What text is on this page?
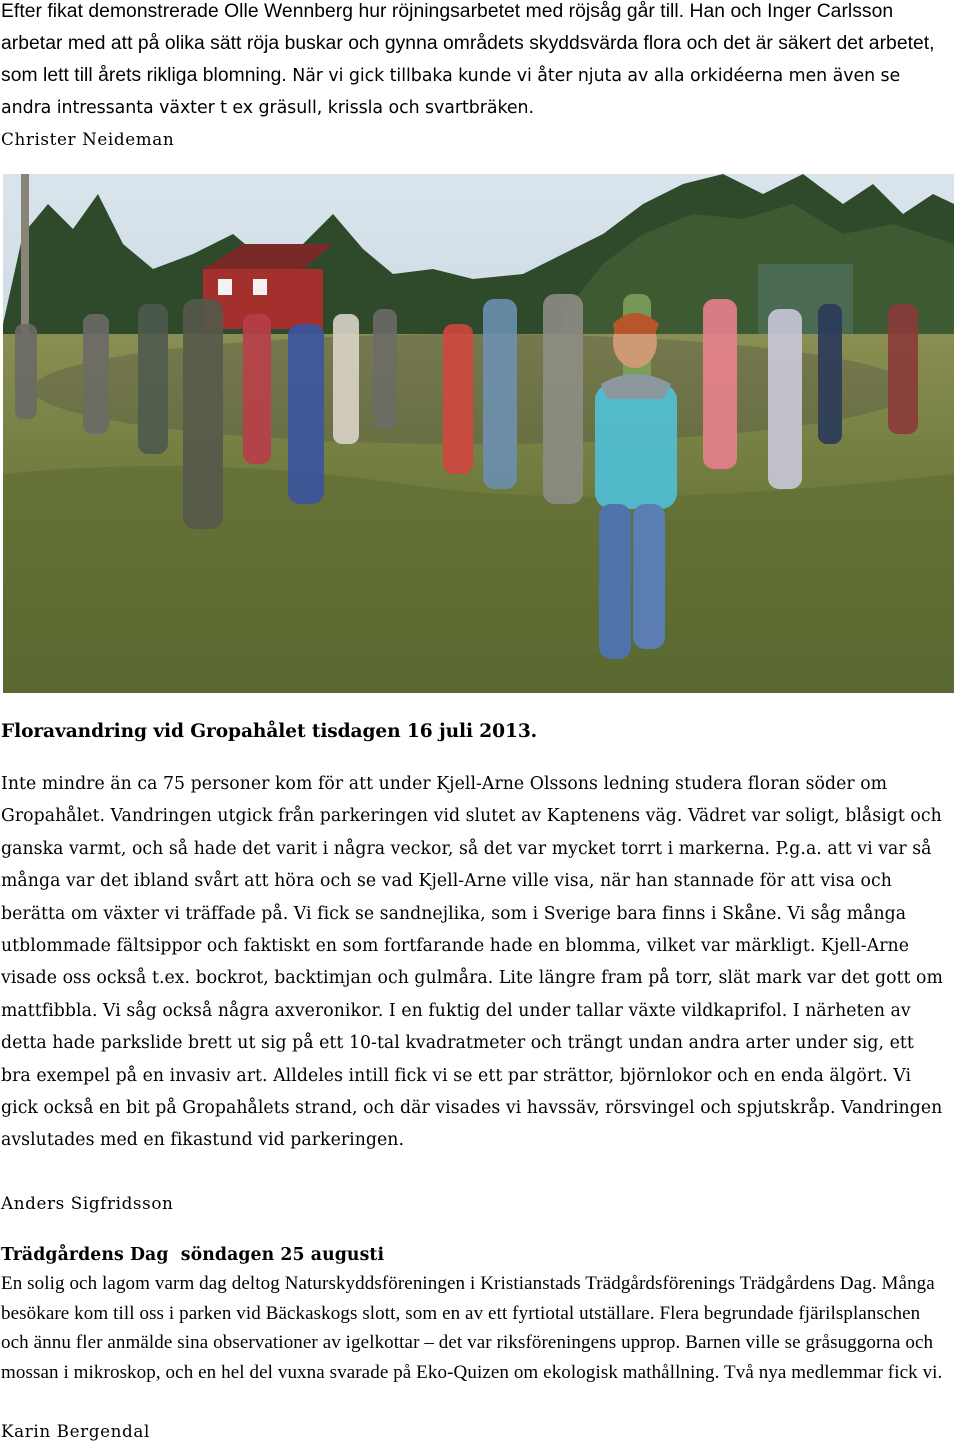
Efter fikat demonstrerade Olle Wennberg hur röjningsarbetet med röjsåg går till. Han och Inger Carlsson arbetar med att på olika sätt röja buskar och gynna områdets skyddsvärda flora och det är säkert det arbetet, som lett till årets rikliga blomning. När vi gick tillbaka kunde vi åter njuta av alla orkidéerna men även se andra intressanta växter t ex gräsull, krissla och svartbräken.

Christer Neideman
Floravandring vid Gropahålet tisdagen 16 juli 2013.

Inte mindre än ca 75 personer kom för att under Kjell-Arne Olssons ledning studera floran söder om Gropahålet. Vandringen utgick från parkeringen vid slutet av Kaptenens väg. Vädret var soligt, blåsigt och ganska varmt, och så hade det varit i några veckor, så det var mycket torrt i markerna. P.g.a. att vi var så många var det ibland svårt att höra och se vad Kjell-Arne ville visa, när han stannade för att visa och berätta om växter vi träffade på. Vi fick se sandnejlika, som i Sverige bara finns i Skåne. Vi såg många utblommade fältsippor och faktiskt en som fortfarande hade en blomma, vilket var märkligt. Kjell-Arne visade oss också t.ex. bockrot, backtimjan och gulmåra. Lite längre fram på torr, slät mark var det gott om mattfibbla. Vi såg också några axveronikor. I en fuktig del under tallar växte vildkaprifol. I närheten av detta hade parkslide brett ut sig på ett 10-tal kvadratmeter och trängt undan andra arter under sig, ett bra exempel på en invasiv art. Alldeles intill fick vi se ett par strättor, björnlokor och en enda älgört. Vi gick också en bit på Gropahålets strand, och där visades vi havssäv, rörsvingel och spjutskråp. Vandringen avslutades med en fikastund vid parkeringen.

Anders Sigfridsson
Trädgårdens Dag  söndagen 25 augusti

En solig och lagom varm dag deltog Naturskyddsföreningen i Kristianstads Trädgårdsförenings Trädgårdens Dag. Många besökare kom till oss i parken vid Bäckaskogs slott, som en av ett fyrtiotal utställare. Flera begrundade fjärilsplanschen och ännu fler anmälde sina observationer av igelkottar – det var riksföreningens upprop. Barnen ville se gråsuggorna och mossan i mikroskop, och en hel del vuxna svarade på Eko-Quizen om ekologisk mathållning. Två nya medlemmar fick vi.

Karin Bergendal
